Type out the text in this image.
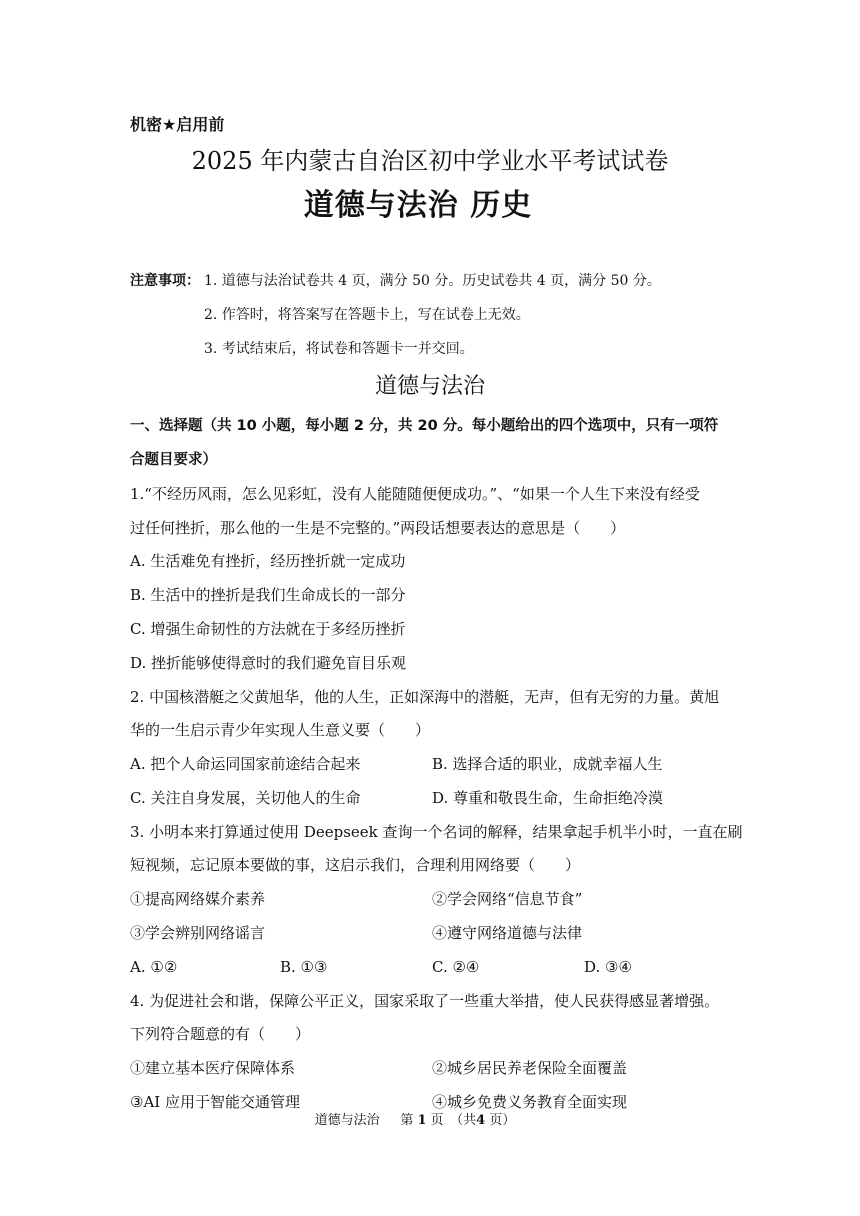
机密★启用前
2025 年内蒙古自治区初中学业水平考试试卷
道德与法治 历史
注意事项： 1. 道德与法治试卷共 4 页，满分 50 分。历史试卷共 4 页，满分 50 分。
2. 作答时，将答案写在答题卡上，写在试卷上无效。
3. 考试结束后，将试卷和答题卡一并交回。
道德与法治
一、选择题（共 10 小题，每小题 2 分，共 20 分。每小题给出的四个选项中，只有一项符
合题目要求）
1.“不经历风雨，怎么见彩虹，没有人能随随便便成功。”、“如果一个人生下来没有经受
过任何挫折，那么他的一生是不完整的。”两段话想要表达的意思是（　　）
A. 生活难免有挫折，经历挫折就一定成功
B. 生活中的挫折是我们生命成长的一部分
C. 增强生命韧性的方法就在于多经历挫折
D. 挫折能够使得意时的我们避免盲目乐观
2. 中国核潜艇之父黄旭华，他的人生，正如深海中的潜艇，无声，但有无穷的力量。黄旭
华的一生启示青少年实现人生意义要（　　）
A. 把个人命运同国家前途结合起来	B. 选择合适的职业，成就幸福人生
C. 关注自身发展，关切他人的生命	D. 尊重和敬畏生命，生命拒绝冷漠
3. 小明本来打算通过使用 Deepseek 查询一个名词的解释，结果拿起手机半小时，一直在刷
短视频，忘记原本要做的事，这启示我们，合理利用网络要（　　）
①提高网络媒介素养	②学会网络“信息节食”
③学会辨别网络谣言	④遵守网络道德与法律
A. ①②	B. ①③	C. ②④	D. ③④
4. 为促进社会和谐，保障公平正义，国家采取了一些重大举措，使人民获得感显著增强。
下列符合题意的有（　　）
①建立基本医疗保障体系	②城乡居民养老保险全面覆盖
③AI 应用于智能交通管理	④城乡免费义务教育全面实现
道德与法治 第 1 页　（共4 页）
